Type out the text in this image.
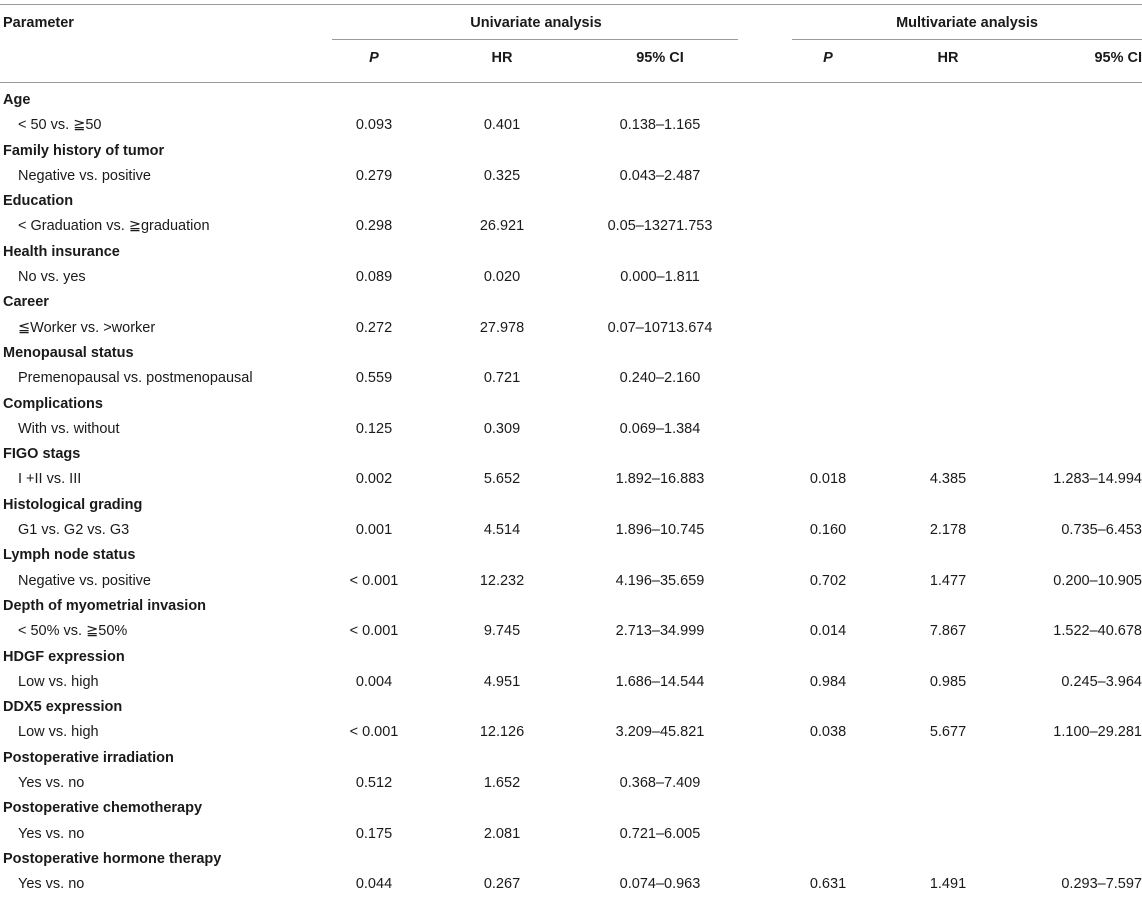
Parameter	Univariate analysis	Multivariate analysis
P	HR	95% CI	P	HR	95% CI
Age
< 50 vs. ≧50	0.093	0.401	0.138–1.165
Family history of tumor
Negative vs. positive	0.279	0.325	0.043–2.487
Education
< Graduation vs. ≧graduation	0.298	26.921	0.05–13271.753
Health insurance
No vs. yes	0.089	0.020	0.000–1.811
Career
≦Worker vs. >worker	0.272	27.978	0.07–10713.674
Menopausal status
Premenopausal vs. postmenopausal	0.559	0.721	0.240–2.160
Complications
With vs. without	0.125	0.309	0.069–1.384
FIGO stags
I +II vs. III	0.002	5.652	1.892–16.883	0.018	4.385	1.283–14.994
Histological grading
G1 vs. G2 vs. G3	0.001	4.514	1.896–10.745	0.160	2.178	0.735–6.453
Lymph node status
Negative vs. positive	< 0.001	12.232	4.196–35.659	0.702	1.477	0.200–10.905
Depth of myometrial invasion
< 50% vs. ≧50%	< 0.001	9.745	2.713–34.999	0.014	7.867	1.522–40.678
HDGF expression
Low vs. high	0.004	4.951	1.686–14.544	0.984	0.985	0.245–3.964
DDX5 expression
Low vs. high	< 0.001	12.126	3.209–45.821	0.038	5.677	1.100–29.281
Postoperative irradiation
Yes vs. no	0.512	1.652	0.368–7.409
Postoperative chemotherapy
Yes vs. no	0.175	2.081	0.721–6.005
Postoperative hormone therapy
Yes vs. no	0.044	0.267	0.074–0.963	0.631	1.491	0.293–7.597
